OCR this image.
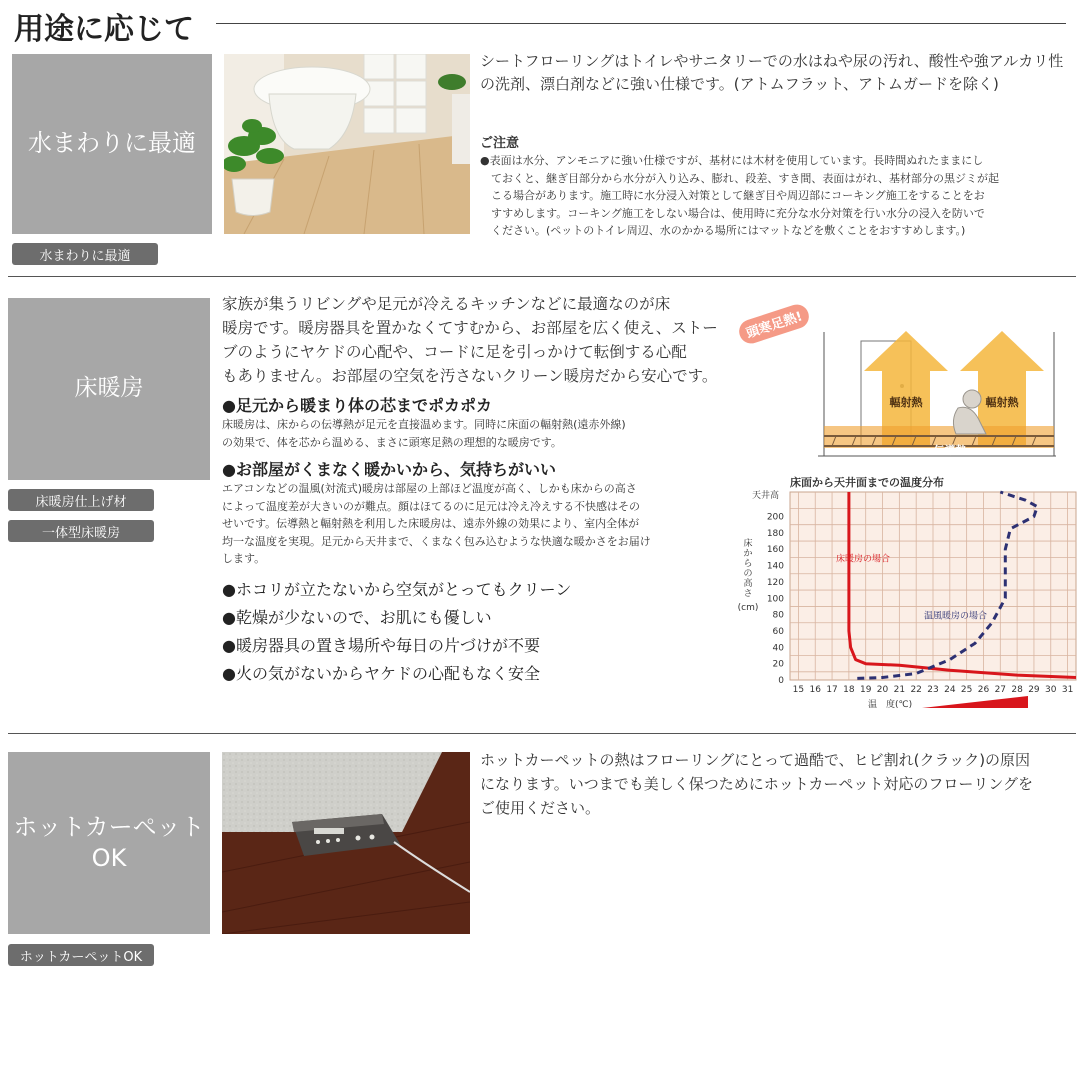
用途に応じて
水まわりに最適
水まわりに最適
シートフローリングはトイレやサニタリーでの水はねや尿の汚れ、酸性や強アルカリ性の洗剤、漂白剤などに強い仕様です。(アトムフラット、アトムガードを除く)
ご注意
●表面は水分、アンモニアに強い仕様ですが、基材には木材を使用しています。長時間ぬれたままにし
ておくと、継ぎ目部分から水分が入り込み、膨れ、段差、すき間、表面はがれ、基材部分の黒ジミが起
こる場合があります。施工時に水分浸入対策として継ぎ目や周辺部にコーキング施工をすることをお
すすめします。コーキング施工をしない場合は、使用時に充分な水分対策を行い水分の浸入を防いで
ください。(ペットのトイレ周辺、水のかかる場所にはマットなどを敷くことをおすすめします。)
床暖房
床暖房仕上げ材
一体型床暖房
家族が集うリビングや足元が冷えるキッチンなどに最適なのが床
暖房です。暖房器具を置かなくてすむから、お部屋を広く使え、ストー
ブのようにヤケドの心配や、コードに足を引っかけて転倒する心配
もありません。お部屋の空気を汚さないクリーン暖房だから安心です。
●足元から暖まり体の芯までポカポカ
床暖房は、床からの伝導熱が足元を直接温めます。同時に床面の輻射熱(遠赤外線)
の効果で、体を芯から温める、まさに頭寒足熱の理想的な暖房です。
●お部屋がくまなく暖かいから、気持ちがいい
エアコンなどの温風(対流式)暖房は部屋の上部ほど温度が高く、しかも床からの高さ
によって温度差が大きいのが難点。顔はほてるのに足元は冷え冷えする不快感はその
せいです。伝導熱と輻射熱を利用した床暖房は、遠赤外線の効果により、室内全体が
均一な温度を実現。足元から天井まで、くまなく包み込むような快適な暖かさをお届け
します。
●ホコリが立たないから空気がとってもクリーン
●乾燥が少ないので、お肌にも優しい
●暖房器具の置き場所や毎日の片づけが不要
●火の気がないからヤケドの心配もなく安全
頭寒足熱!
輻射熱	輻射熱
伝導熱
床面から天井面までの温度分布
天井高
15 16 17 18 19 20 21 22 23 24 25 26 27 28 29 30 31
0
20
40
60
80
100
120
140
160
180
200
床暖房の場合
温風暖房の場合
床
か
ら
の
高
さ
(cm)
温　度(℃)
ホットカーペット
OK
ホットカーペットOK
ホットカーペットの熱はフローリングにとって過酷で、ヒビ割れ(クラック)の原因
になります。いつまでも美しく保つためにホットカーペット対応のフローリングを
ご使用ください。
